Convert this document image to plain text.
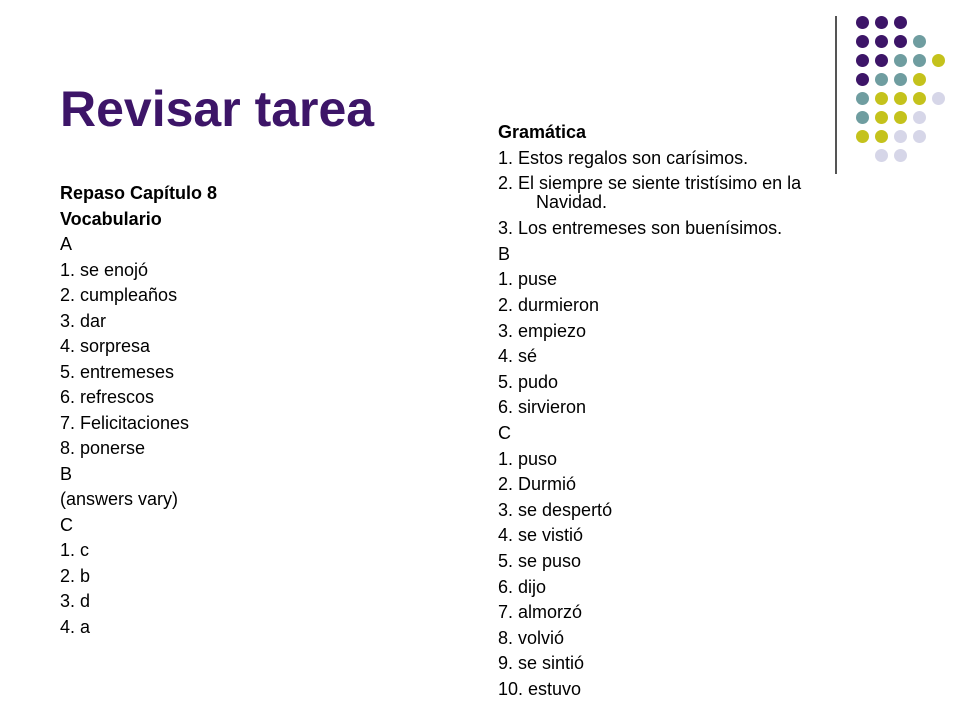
Revisar tarea
Repaso Capítulo 8
Vocabulario
A
1. se enojó
2. cumpleaños
3. dar
4. sorpresa
5. entremeses
6. refrescos
7. Felicitaciones
8. ponerse
B
(answers vary)
C
1. c
2. b
3. d
4. a
Gramática
1. Estos regalos son carísimos.
2. El siempre se siente tristísimo en la
Navidad.
3. Los entremeses son buenísimos.
B
1. puse
2. durmieron
3. empiezo
4. sé
5. pudo
6. sirvieron
C
1. puso
2. Durmió
3. se despertó
4. se vistió
5. se puso
6. dijo
7. almorzó
8. volvió
9. se sintió
10. estuvo
